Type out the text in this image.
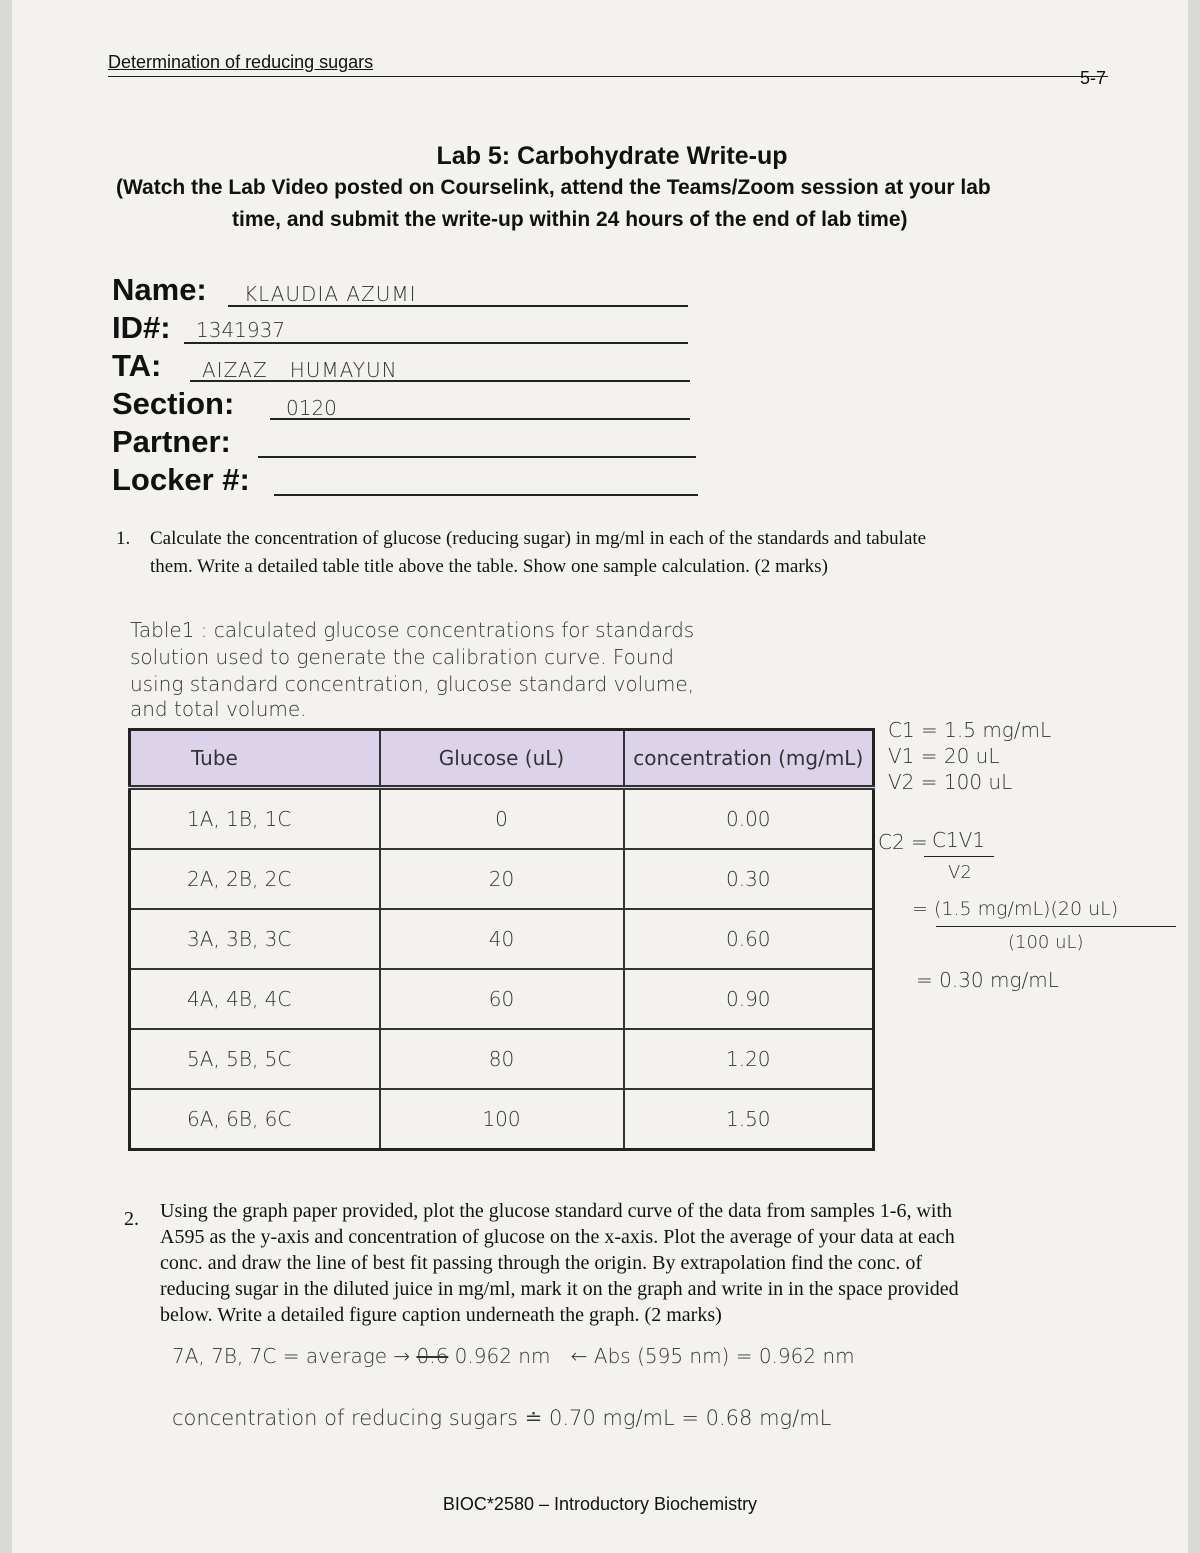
Determination of reducing sugars
5-7
Lab 5: Carbohydrate Write-up
(Watch the Lab Video posted on Courselink, attend the Teams/Zoom session at your lab
time, and submit the write-up within 24 hours of the end of lab time)
Name: KLAUDIA AZUMI
ID#: 1341937
TA: AIZAZ   HUMAYUN
Section:	0120
Partner:
Locker #:
1. Calculate the concentration of glucose (reducing sugar) in mg/ml in each of the standards and tabulate
them. Write a detailed table title above the table. Show one sample calculation. (2 marks)
Table1 : calculated glucose concentrations for standards
solution used to generate the calibration curve. Found
using standard concentration, glucose standard volume,
and total volume.
Tube	Glucose (uL)	concentration (mg/mL)
1A, 1B, 1C	0	0.00
2A, 2B, 2C	20	0.30
3A, 3B, 3C	40	0.60
4A, 4B, 4C	60	0.90
5A, 5B, 5C	80	1.20
6A, 6B, 6C	100	1.50
C1 = 1.5 mg/mL
V1 = 20 uL
V2 = 100 uL
C2 = C1V1
V2
= (1.5 mg/mL)(20 uL)
(100 uL)
= 0.30 mg/mL
2. Using the graph paper provided, plot the glucose standard curve of the data from samples 1-6, with
A595 as the y-axis and concentration of glucose on the x-axis. Plot the average of your data at each
conc. and draw the line of best fit passing through the origin. By extrapolation find the conc. of
reducing sugar in the diluted juice in mg/ml, mark it on the graph and write in in the space provided
below. Write a detailed figure caption underneath the graph. (2 marks)
7A, 7B, 7C = average → 0.6 0.962 nm ← Abs (595 nm) = 0.962 nm
concentration of reducing sugars ≐ 0.70 mg/mL = 0.68 mg/mL
BIOC*2580 – Introductory Biochemistry
